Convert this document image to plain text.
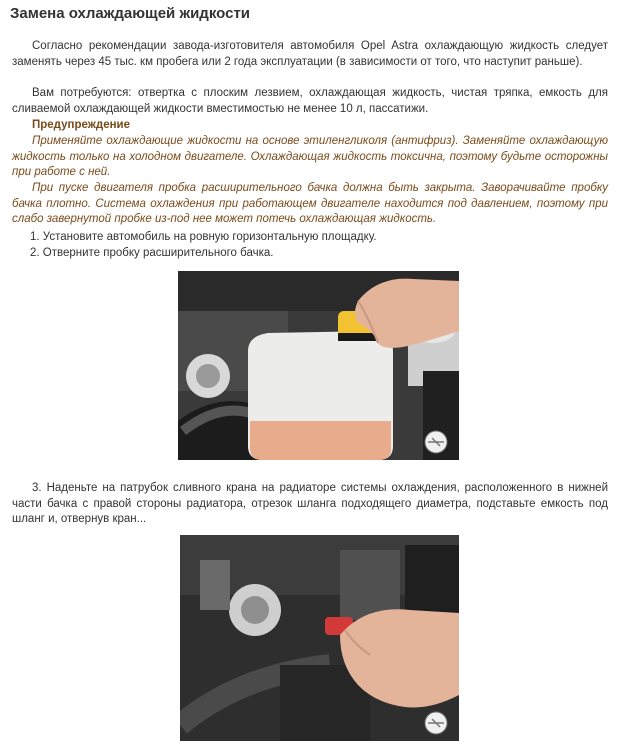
Замена охлаждающей жидкости

Согласно рекомендации завода-изготовителя автомобиля Opel Astra охлаждающую жидкость следует заменять через 45 тыс. км пробега или 2 года эксплуатации (в зависимости от того, что наступит раньше).

Вам потребуются: отвертка с плоским лезвием, охлаждающая жидкость, чистая тряпка, емкость для сливаемой охлаждающей жидкости вместимостью не менее 10 л, пассатижи.

Предупреждение

Применяйте охлаждающие жидкости на основе этиленгликоля (антифриз). Заменяйте охлаждающую жидкость только на холодном двигателе. Охлаждающая жидкость токсична, поэтому будьте осторожны при работе с ней.

При пуске двигателя пробка расширительного бачка должна быть закрыта. Заворачивайте пробку бачка плотно. Система охлаждения при работающем двигателе находится под давлением, поэтому при слабо завернутой пробке из-под нее может потечь охлаждающая жидкость.

1. Установите автомобиль на ровную горизонтальную площадку.
2. Отверните пробку расширительного бачка.

3. Наденьте на патрубок сливного крана на радиаторе системы охлаждения, расположенного в нижней части бачка с правой стороны радиатора, отрезок шланга подходящего диаметра, подставьте емкость под шланг и, отвернув кран...
